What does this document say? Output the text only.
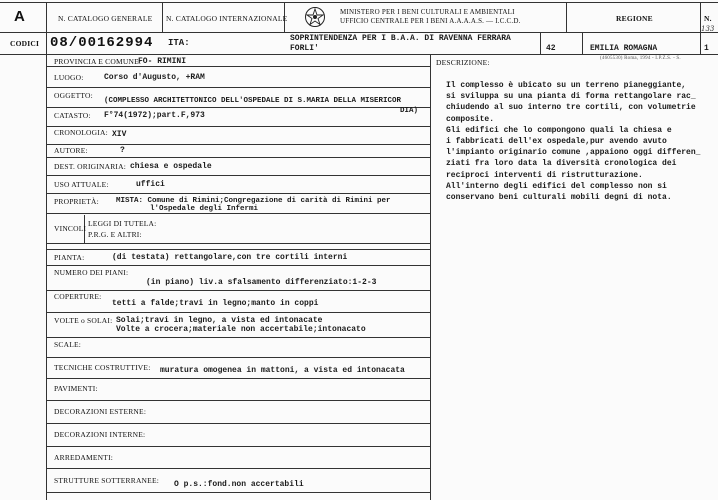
A	N. CATALOGO GENERALE N. CATALOGO INTERNAZIONALE
MINISTERO PER I BENI CULTURALI E AMBIENTALI
UFFICIO CENTRALE PER I BENI A.A.A.A.S. — I.C.C.D.	REGIONE	N.
133
CODICI 08/00162994 ITA:	SOPRINTENDENZA PER I B.A.A. DI RAVENNA FERRARA FORLI'	42	EMILIA ROMAGNA	1
(4605530) Roma, 1994 - I.P.Z.S. - S.
PROVINCIA E COMUNE:
FO- RIMINI
LUOGO:	Corso d'Augusto, +RAM
OGGETTO:
(COMPLESSO ARCHITETTONICO DELL'OSPEDALE DI S.MARIA DELLA MISERICOR
DIA)
CATASTO: F°74(1972);part.F,973
CRONOLOGIA: XIV
AUTORE:	?
DEST. ORIGINARIA: chiesa e ospedale
USO ATTUALE:	uffici
PROPRIETÀ: MISTA: Comune di Rimini;Congregazione di carità di Rimini per
l'Ospedale degli Infermi
VINCOLI
LEGGI DI TUTELA:
P.R.G. E ALTRI:
PIANTA:	(di testata) rettangolare,con tre cortili interni
NUMERO DEI PIANI:
(in piano) liv.a sfalsamento differenziato:1-2-3
COPERTURE:
tetti a falde;travi in legno;manto in coppi
VOLTE o SOLAI: Solai;travi in legno, a vista ed intonacate
Volte a crocera;materiale non accertabile;intonacato
SCALE:
TECNICHE COSTRUTTIVE: muratura omogenea in mattoni, a vista ed intonacata
PAVIMENTI:
DECORAZIONI ESTERNE:
DECORAZIONI INTERNE:
ARREDAMENTI:
STRUTTURE SOTTERRANEE: O p.s.:fond.non accertabili
DESCRIZIONE:
Il complesso è ubicato su un terreno pianeggiante,
si sviluppa su una pianta di forma rettangolare rac_
chiudendo al suo interno tre cortili, con volumetrie
composite.
Gli edifici che lo compongono quali la chiesa e
i fabbricati dell'ex ospedale,pur avendo avuto
l'impianto originario comune ,appaiono oggi differen_
ziati fra loro data la diversità cronologica dei
reciproci interventi di ristrutturazione.
All'interno degli edifici del complesso non si
conservano beni culturali mobili degni di nota.
